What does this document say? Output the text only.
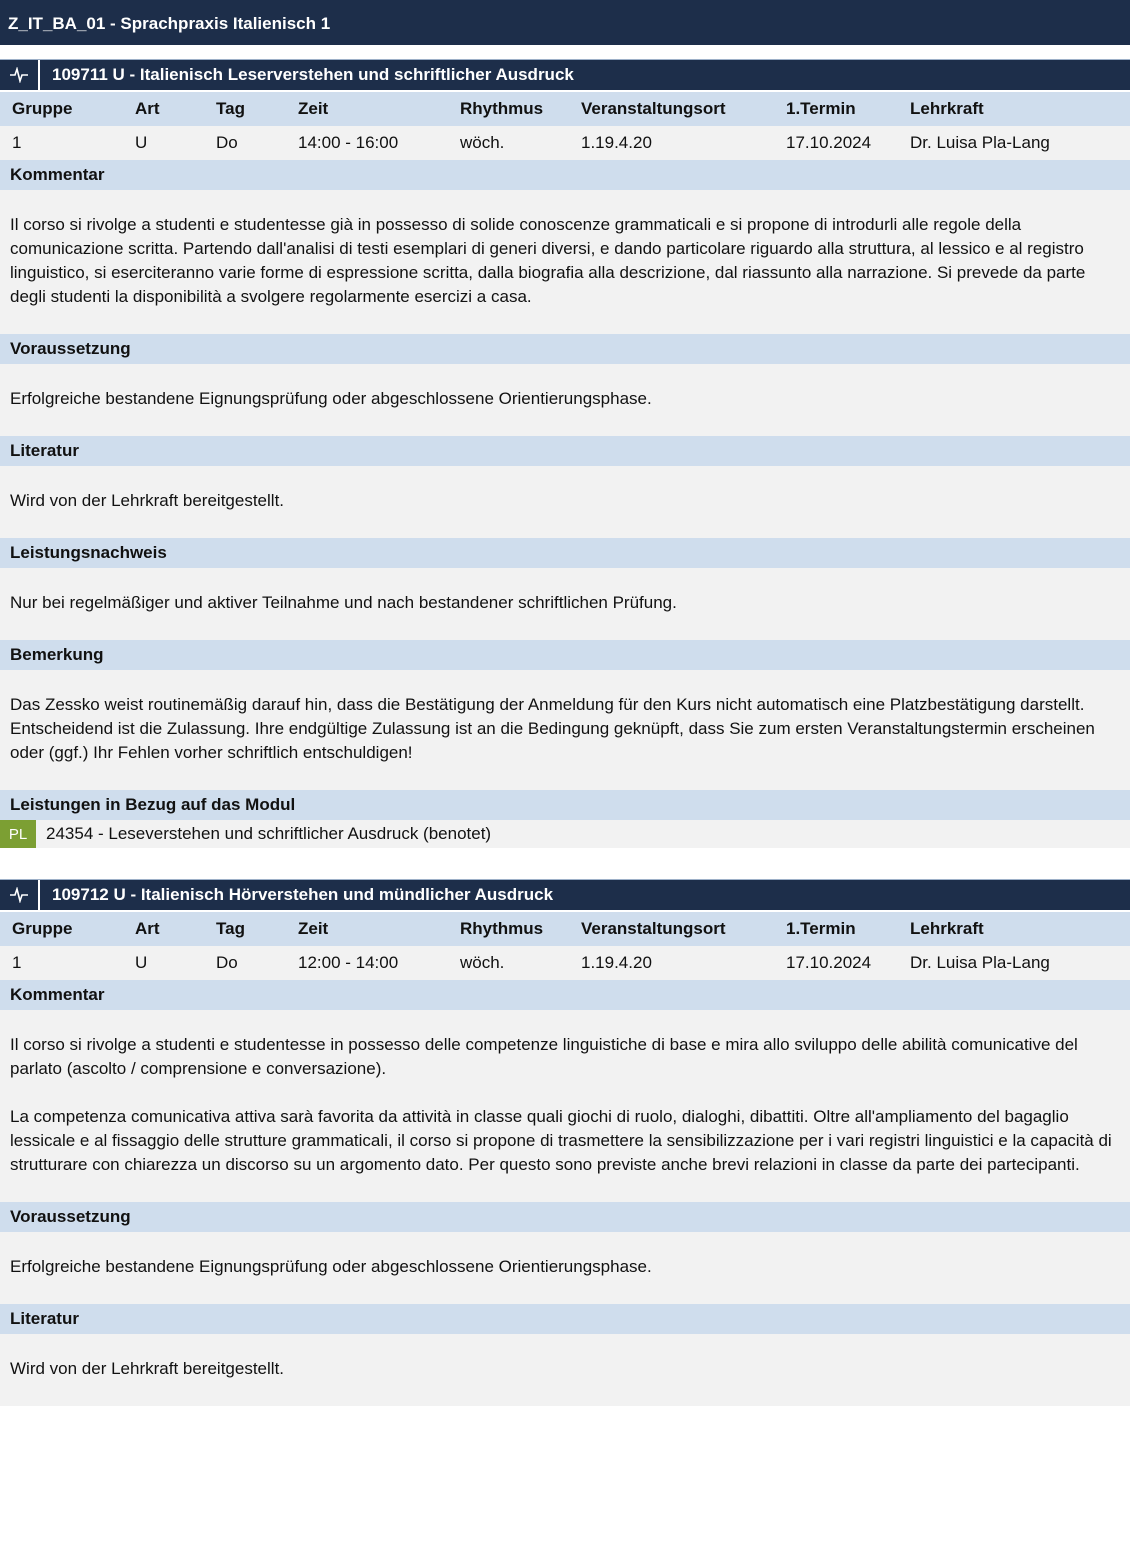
Z_IT_BA_01 - Sprachpraxis Italienisch 1
109711 U - Italienisch Leserverstehen und schriftlicher Ausdruck
Gruppe	Art	Tag	Zeit	Rhythmus	Veranstaltungsort	1.Termin	Lehrkraft
1	U	Do	14:00 - 16:00	wöch.	1.19.4.20	17.10.2024	Dr. Luisa Pla-Lang
Kommentar

Il corso si rivolge a studenti e studentesse già in possesso di solide conoscenze grammaticali e si propone di introdurli alle regole della comunicazione scritta. Partendo dall'analisi di testi esemplari di generi diversi, e dando particolare riguardo alla struttura, al lessico e al registro linguistico, si eserciteranno varie forme di espressione scritta, dalla biografia alla descrizione, dal riassunto alla narrazione. Si prevede da parte degli studenti la disponibilità a svolgere regolarmente esercizi a casa.

Voraussetzung

Erfolgreiche bestandene Eignungsprüfung oder abgeschlossene Orientierungsphase.

Literatur

Wird von der Lehrkraft bereitgestellt.

Leistungsnachweis

Nur bei regelmäßiger und aktiver Teilnahme und nach bestandener schriftlichen Prüfung.

Bemerkung

Das Zessko weist routinemäßig darauf hin, dass die Bestätigung der Anmeldung für den Kurs nicht automatisch eine Platzbestätigung darstellt. Entscheidend ist die Zulassung. Ihre endgültige Zulassung ist an die Bedingung geknüpft, dass Sie zum ersten Veranstaltungstermin erscheinen oder (ggf.) Ihr Fehlen vorher schriftlich entschuldigen!

Leistungen in Bezug auf das Modul
PL	24354 - Leseverstehen und schriftlicher Ausdruck (benotet)
109712 U - Italienisch Hörverstehen und mündlicher Ausdruck
Gruppe	Art	Tag	Zeit	Rhythmus	Veranstaltungsort	1.Termin	Lehrkraft
1	U	Do	12:00 - 14:00	wöch.	1.19.4.20	17.10.2024	Dr. Luisa Pla-Lang
Kommentar

Il corso si rivolge a studenti e studentesse in possesso delle competenze linguistiche di base e mira allo sviluppo delle abilità comunicative del parlato (ascolto / comprensione e conversazione).

La competenza comunicativa attiva sarà favorita da attività in classe quali giochi di ruolo, dialoghi, dibattiti. Oltre all'ampliamento del bagaglio lessicale e al fissaggio delle strutture grammaticali, il corso si propone di trasmettere la sensibilizzazione per i vari registri linguistici e la capacità di strutturare con chiarezza un discorso su un argomento dato. Per questo sono previste anche brevi relazioni in classe da parte dei partecipanti.

Voraussetzung

Erfolgreiche bestandene Eignungsprüfung oder abgeschlossene Orientierungsphase.

Literatur

Wird von der Lehrkraft bereitgestellt.
